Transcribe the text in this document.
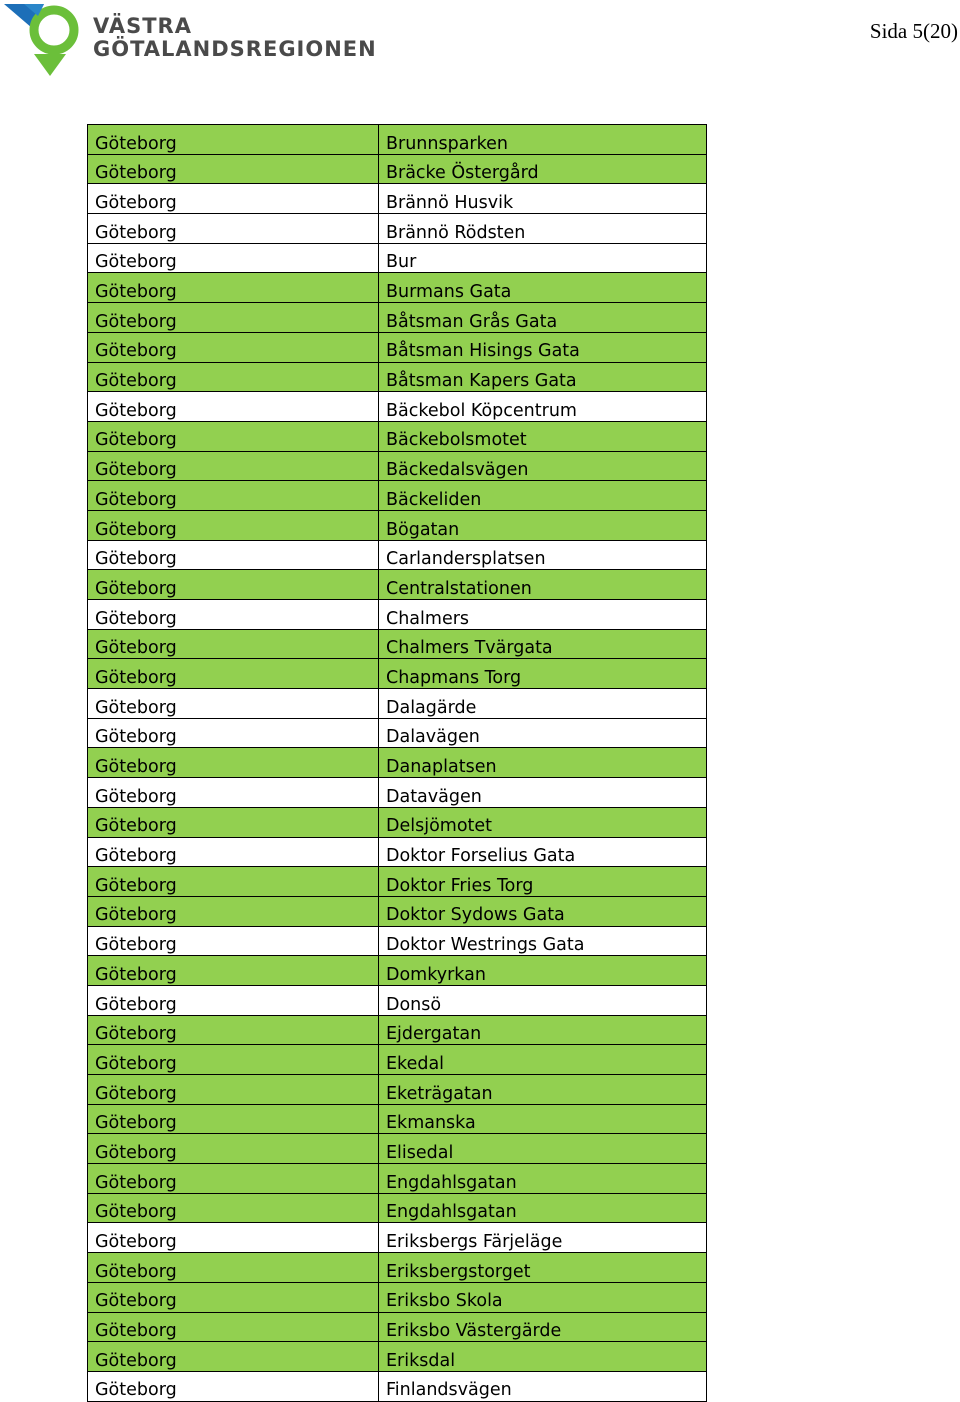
VÄSTRA
GÖTALANDSREGIONEN
Sida 5(20)
Göteborg	Brunnsparken
Göteborg	Bräcke Östergård
Göteborg	Brännö Husvik
Göteborg	Brännö Rödsten
Göteborg	Bur
Göteborg	Burmans Gata
Göteborg	Båtsman Grås Gata
Göteborg	Båtsman Hisings Gata
Göteborg	Båtsman Kapers Gata
Göteborg	Bäckebol Köpcentrum
Göteborg	Bäckebolsmotet
Göteborg	Bäckedalsvägen
Göteborg	Bäckeliden
Göteborg	Bögatan
Göteborg	Carlandersplatsen
Göteborg	Centralstationen
Göteborg	Chalmers
Göteborg	Chalmers Tvärgata
Göteborg	Chapmans Torg
Göteborg	Dalagärde
Göteborg	Dalavägen
Göteborg	Danaplatsen
Göteborg	Datavägen
Göteborg	Delsjömotet
Göteborg	Doktor Forselius Gata
Göteborg	Doktor Fries Torg
Göteborg	Doktor Sydows Gata
Göteborg	Doktor Westrings Gata
Göteborg	Domkyrkan
Göteborg	Donsö
Göteborg	Ejdergatan
Göteborg	Ekedal
Göteborg	Eketrägatan
Göteborg	Ekmanska
Göteborg	Elisedal
Göteborg	Engdahlsgatan
Göteborg	Engdahlsgatan
Göteborg	Eriksbergs Färjeläge
Göteborg	Eriksbergstorget
Göteborg	Eriksbo Skola
Göteborg	Eriksbo Västergärde
Göteborg	Eriksdal
Göteborg	Finlandsvägen
